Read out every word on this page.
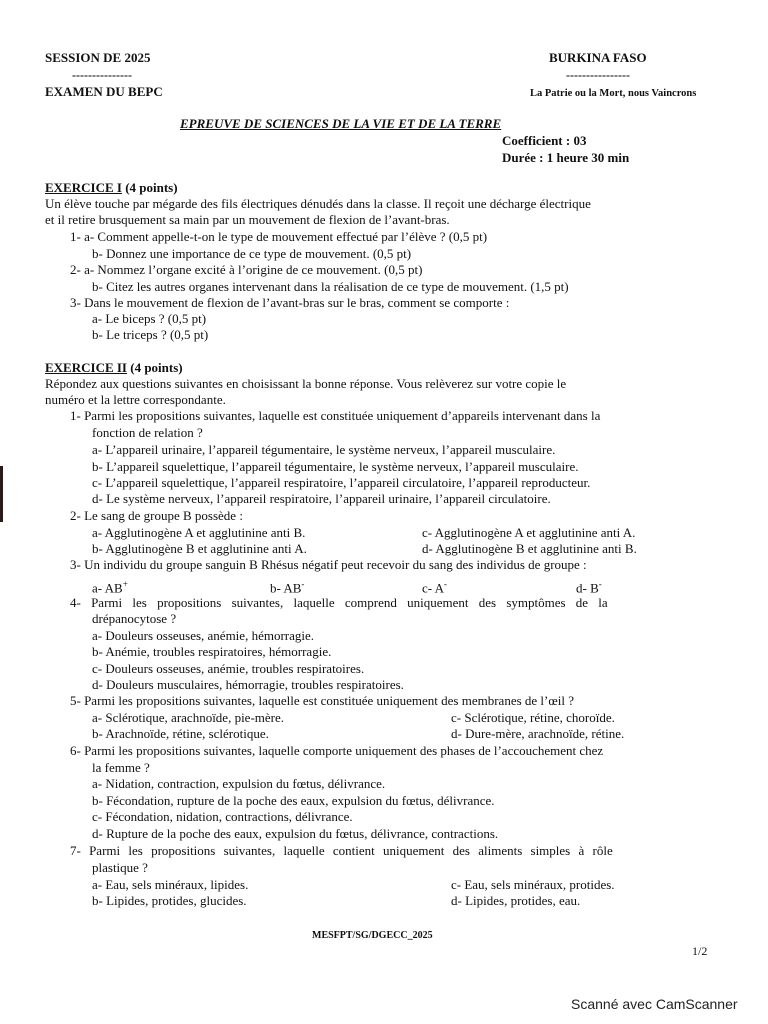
SESSION DE 2025
---------------
EXAMEN DU BEPC
BURKINA FASO
----------------
La Patrie ou la Mort, nous Vaincrons
EPREUVE DE SCIENCES DE LA VIE ET DE LA TERRE
Coefficient : 03
Durée : 1 heure 30 min
EXERCICE I (4 points)
Un élève touche par mégarde des fils électriques dénudés dans la classe. Il reçoit une décharge électrique
et il retire brusquement sa main par un mouvement de flexion de l’avant-bras.
1- a- Comment appelle-t-on le type de mouvement effectué par l’élève ? (0,5 pt)
b- Donnez une importance de ce type de mouvement. (0,5 pt)
2- a- Nommez l’organe excité à l’origine de ce mouvement. (0,5 pt)
b- Citez les autres organes intervenant dans la réalisation de ce type de mouvement. (1,5 pt)
3- Dans le mouvement de flexion de l’avant-bras sur le bras, comment se comporte :
a- Le biceps ? (0,5 pt)
b- Le triceps ? (0,5 pt)
EXERCICE II (4 points)
Répondez aux questions suivantes en choisissant la bonne réponse. Vous relèverez sur votre copie le
numéro et la lettre correspondante.
1- Parmi les propositions suivantes, laquelle est constituée uniquement d’appareils intervenant dans la
fonction de relation ?
a- L’appareil urinaire, l’appareil tégumentaire, le système nerveux, l’appareil musculaire.
b- L’appareil squelettique, l’appareil tégumentaire, le système nerveux, l’appareil musculaire.
c- L’appareil squelettique, l’appareil respiratoire, l’appareil circulatoire, l’appareil reproducteur.
d- Le système nerveux, l’appareil respiratoire, l’appareil urinaire, l’appareil circulatoire.
2- Le sang de groupe B possède :
a- Agglutinogène A et agglutinine anti B.	c- Agglutinogène A et agglutinine anti A.
b- Agglutinogène B et agglutinine anti A.	d- Agglutinogène B et agglutinine anti B.
3- Un individu du groupe sanguin B Rhésus négatif peut recevoir du sang des individus de groupe :
a- AB+	b- AB-	c- A-	d- B-
4- Parmi les propositions suivantes, laquelle comprend uniquement des symptômes de la
drépanocytose ?
a- Douleurs osseuses, anémie, hémorragie.
b- Anémie, troubles respiratoires, hémorragie.
c- Douleurs osseuses, anémie, troubles respiratoires.
d- Douleurs musculaires, hémorragie, troubles respiratoires.
5- Parmi les propositions suivantes, laquelle est constituée uniquement des membranes de l’œil ?
a- Sclérotique, arachnoïde, pie-mère.	c- Sclérotique, rétine, choroïde.
b- Arachnoïde, rétine, sclérotique.	d- Dure-mère, arachnoïde, rétine.
6- Parmi les propositions suivantes, laquelle comporte uniquement des phases de l’accouchement chez
la femme ?
a- Nidation, contraction, expulsion du fœtus, délivrance.
b- Fécondation, rupture de la poche des eaux, expulsion du fœtus, délivrance.
c- Fécondation, nidation, contractions, délivrance.
d- Rupture de la poche des eaux, expulsion du fœtus, délivrance, contractions.
7- Parmi les propositions suivantes, laquelle contient uniquement des aliments simples à rôle
plastique ?
a- Eau, sels minéraux, lipides.	c- Eau, sels minéraux, protides.
b- Lipides, protides, glucides.	d- Lipides, protides, eau.
MESFPT/SG/DGECC_2025
1/2
Scanné avec CamScanner
